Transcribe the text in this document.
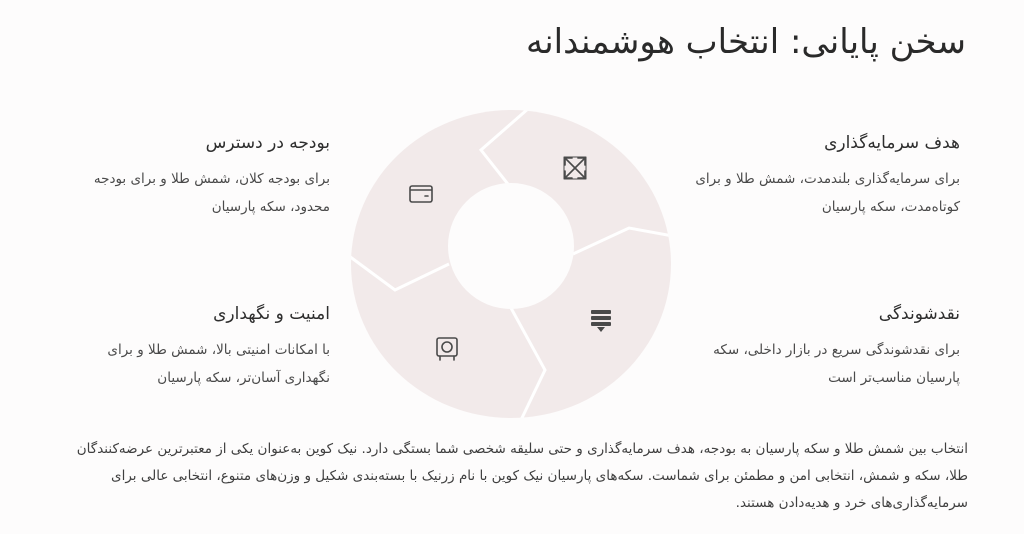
سخن پایانی: انتخاب هوشمندانه
هدف سرمایه‌گذاری
برای سرمایه‌گذاری بلندمدت، شمش طلا و برای کوتاه‌مدت، سکه پارسیان
نقدشوندگی
برای نقدشوندگی سریع در بازار داخلی، سکه پارسیان مناسب‌تر است
بودجه در دسترس
برای بودجه کلان، شمش طلا و برای بودجه محدود، سکه پارسیان
امنیت و نگهداری
با امکانات امنیتی بالا، شمش طلا و برای نگهداری آسان‌تر، سکه پارسیان
انتخاب بین شمش طلا و سکه پارسیان به بودجه، هدف سرمایه‌گذاری و حتی سلیقه شخصی شما بستگی دارد. نیک کوین به‌عنوان یکی از معتبرترین عرضه‌کنندگان طلا، سکه و شمش، انتخابی امن و مطمئن برای شماست. سکه‌های پارسیان نیک کوین با نام زرنیک با بسته‌بندی شکیل و وزن‌های متنوع، انتخابی عالی برای سرمایه‌گذاری‌های خرد و هدیه‌دادن هستند.
